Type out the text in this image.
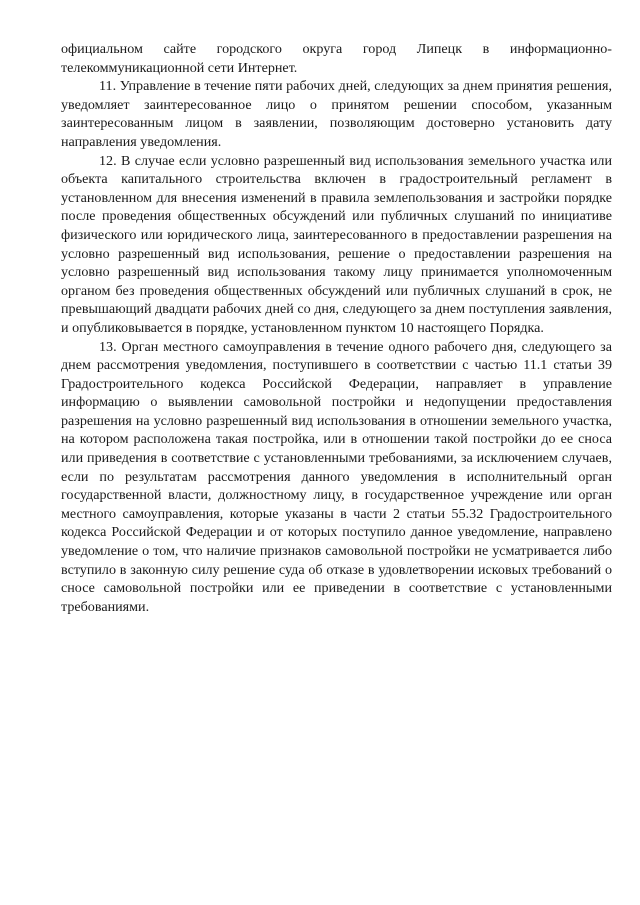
официальном сайте городского округа город Липецк в информационно-телекоммуникационной сети Интернет.

11. Управление в течение пяти рабочих дней, следующих за днем принятия решения, уведомляет заинтересованное лицо о принятом решении способом, указанным заинтересованным лицом в заявлении, позволяющим достоверно установить дату направления уведомления.

12. В случае если условно разрешенный вид использования земельного участка или объекта капитального строительства включен в градостроительный регламент в установленном для внесения изменений в правила землепользования и застройки порядке после проведения общественных обсуждений или публичных слушаний по инициативе физического или юридического лица, заинтересованного в предоставлении разрешения на условно разрешенный вид использования, решение о предоставлении разрешения на условно разрешенный вид использования такому лицу принимается уполномоченным органом без проведения общественных обсуждений или публичных слушаний в срок, не превышающий двадцати рабочих дней со дня, следующего за днем поступления заявления, и опубликовывается в порядке, установленном пунктом 10 настоящего Порядка.

13. Орган местного самоуправления в течение одного рабочего дня, следующего за днем рассмотрения уведомления, поступившего в соответствии с частью 11.1 статьи 39 Градостроительного кодекса Российской Федерации, направляет в управление информацию о выявлении самовольной постройки и недопущении предоставления разрешения на условно разрешенный вид использования в отношении земельного участка, на котором расположена такая постройка, или в отношении такой постройки до ее сноса или приведения в соответствие с установленными требованиями, за исключением случаев, если по результатам рассмотрения данного уведомления в исполнительный орган государственной власти, должностному лицу, в государственное учреждение или орган местного самоуправления, которые указаны в части 2 статьи 55.32 Градостроительного кодекса Российской Федерации и от которых поступило данное уведомление, направлено уведомление о том, что наличие признаков самовольной постройки не усматривается либо вступило в законную силу решение суда об отказе в удовлетворении исковых требований о сносе самовольной постройки или ее приведении в соответствие с установленными требованиями.
